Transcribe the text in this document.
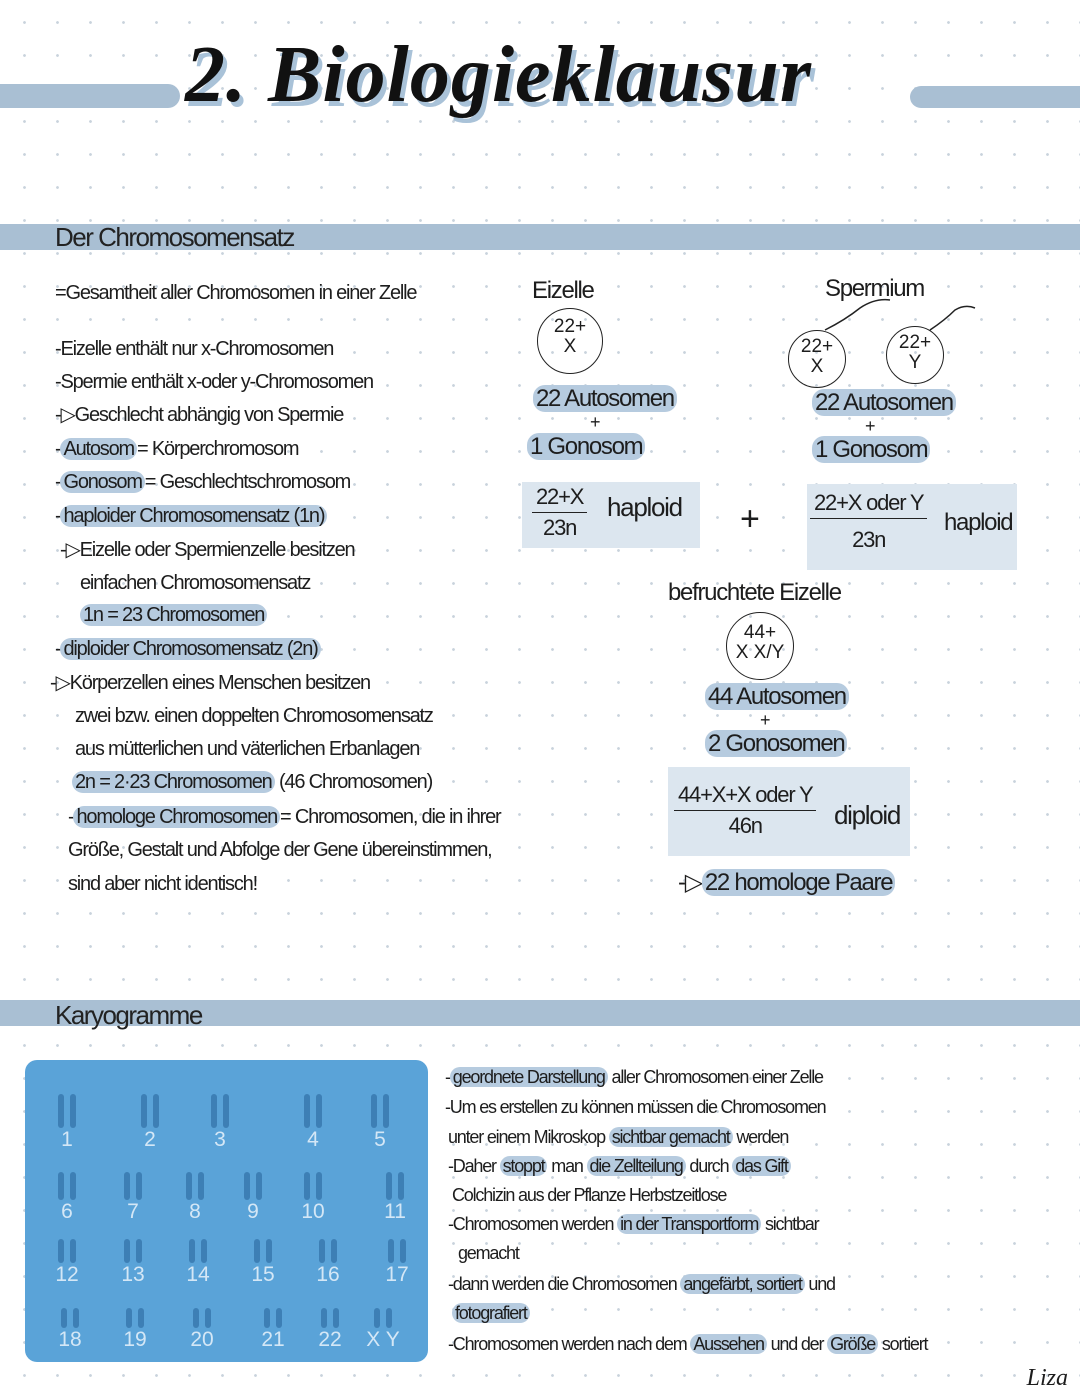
2. Biologieklausur
Der Chromosomensatz
=Gesamtheit aller Chromosomen in einer Zelle
-Eizelle enthält nur x-Chromosomen
-Spermie enthält x-oder y-Chromosomen
-▷Geschlecht abhängig von Spermie
- Autosom = Körperchromosom
- Gonosom = Geschlechtschromosom
- haploider Chromosomensatz (1n)
-▷Eizelle oder Spermienzelle besitzen
einfachen Chromosomensatz
1n = 23 Chromosomen
- diploider Chromosomensatz (2n)
-▷Körperzellen eines Menschen besitzen
zwei bzw. einen doppelten Chromosomensatz
aus mütterlichen und väterlichen Erbanlagen
2n = 2·23 Chromosomen (46 Chromosomen)
- homologe Chromosomen = Chromosomen, die in ihrer
Größe, Gestalt und Abfolge der Gene übereinstimmen,
sind aber nicht identisch!
Eizelle
22+
X
22 Autosomen
+
1 Gonosom
$\frac{22+X}{23n}$ haploid +
Spermium
22+
X
22+
Y
22 Autosomen
+
1 Gonosom
22+X oder Y
23n
haploid
befruchtete Eizelle
44+
X X/Y
44 Autosomen
+
2 Gonosomen
44+X+X oder Y
46n	diploid
-▷ 22 homologe Paare
Karyogramme
1	2	3	4	5
6	7 8 9 10	11
12 13 14 15 16 17
18 19 20 21 22 X Y
- geordnete Darstellung aller Chromosomen einer Zelle
-Um es erstellen zu können müssen die Chromosomen
unter einem Mikroskop sichtbar gemacht werden
-Daher stoppt man die Zellteilung durch das Gift
Colchizin aus der Pflanze Herbstzeitlose
-Chromosomen werden in der Transportform sichtbar
gemacht
-dann werden die Chromosomen angefärbt, sortiert und
fotografiert
-Chromosomen werden nach dem Aussehen und der Größe sortiert
Liza
